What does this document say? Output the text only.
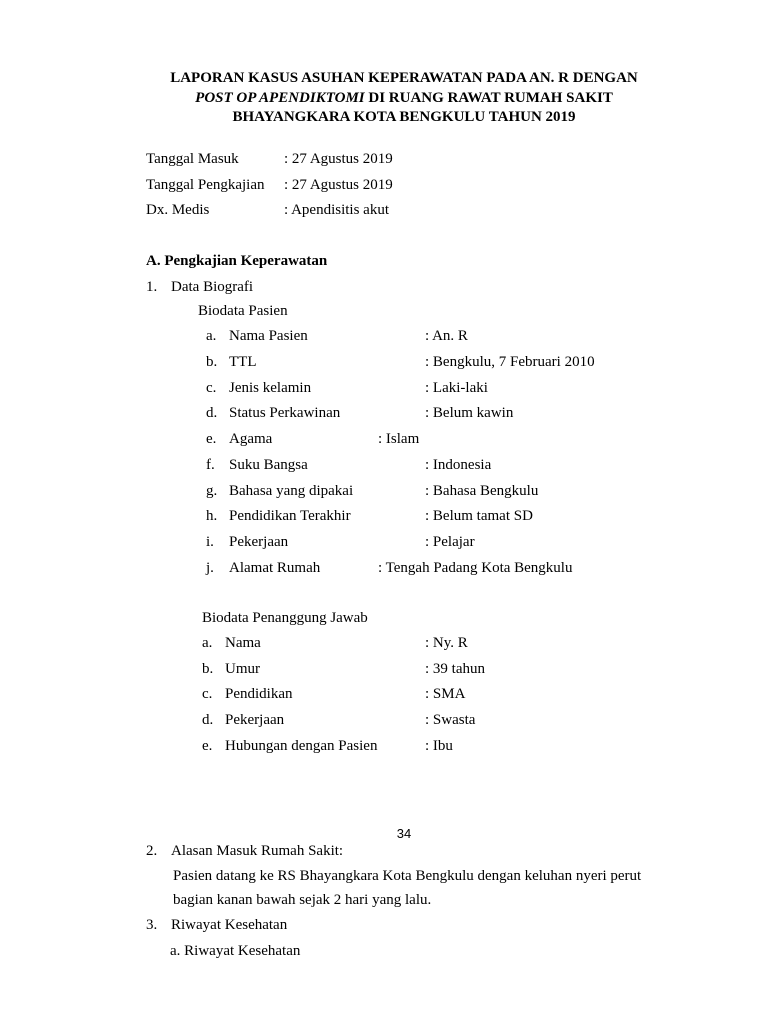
LAPORAN KASUS ASUHAN KEPERAWATAN PADA AN. R DENGAN
POST OP APENDIKTOMI DI RUANG RAWAT RUMAH SAKIT
BHAYANGKARA KOTA BENGKULU TAHUN 2019
Tanggal Masuk	: 27 Agustus 2019
Tanggal Pengkajian : 27 Agustus 2019
Dx. Medis	: Apendisitis akut
A. Pengkajian Keperawatan
1. Data Biografi
Biodata Pasien
a. Nama Pasien	: An. R
b. TTL	: Bengkulu, 7 Februari 2010
c. Jenis kelamin	: Laki-laki
d. Status Perkawinan	: Belum kawin
e. Agama	: Islam
f. Suku Bangsa	: Indonesia
g. Bahasa yang dipakai	: Bahasa Bengkulu
h. Pendidikan Terakhir	: Belum tamat SD
i. Pekerjaan	: Pelajar
j. Alamat Rumah	: Tengah Padang Kota Bengkulu
Biodata Penanggung Jawab
a. Nama	: Ny. R
b. Umur	: 39 tahun
c. Pendidikan	: SMA
d. Pekerjaan	: Swasta
e. Hubungan dengan Pasien	: Ibu
34
2. Alasan Masuk Rumah Sakit:
Pasien datang ke RS Bhayangkara Kota Bengkulu dengan keluhan nyeri perut
bagian kanan bawah sejak 2 hari yang lalu.
3. Riwayat Kesehatan
a. Riwayat Kesehatan
